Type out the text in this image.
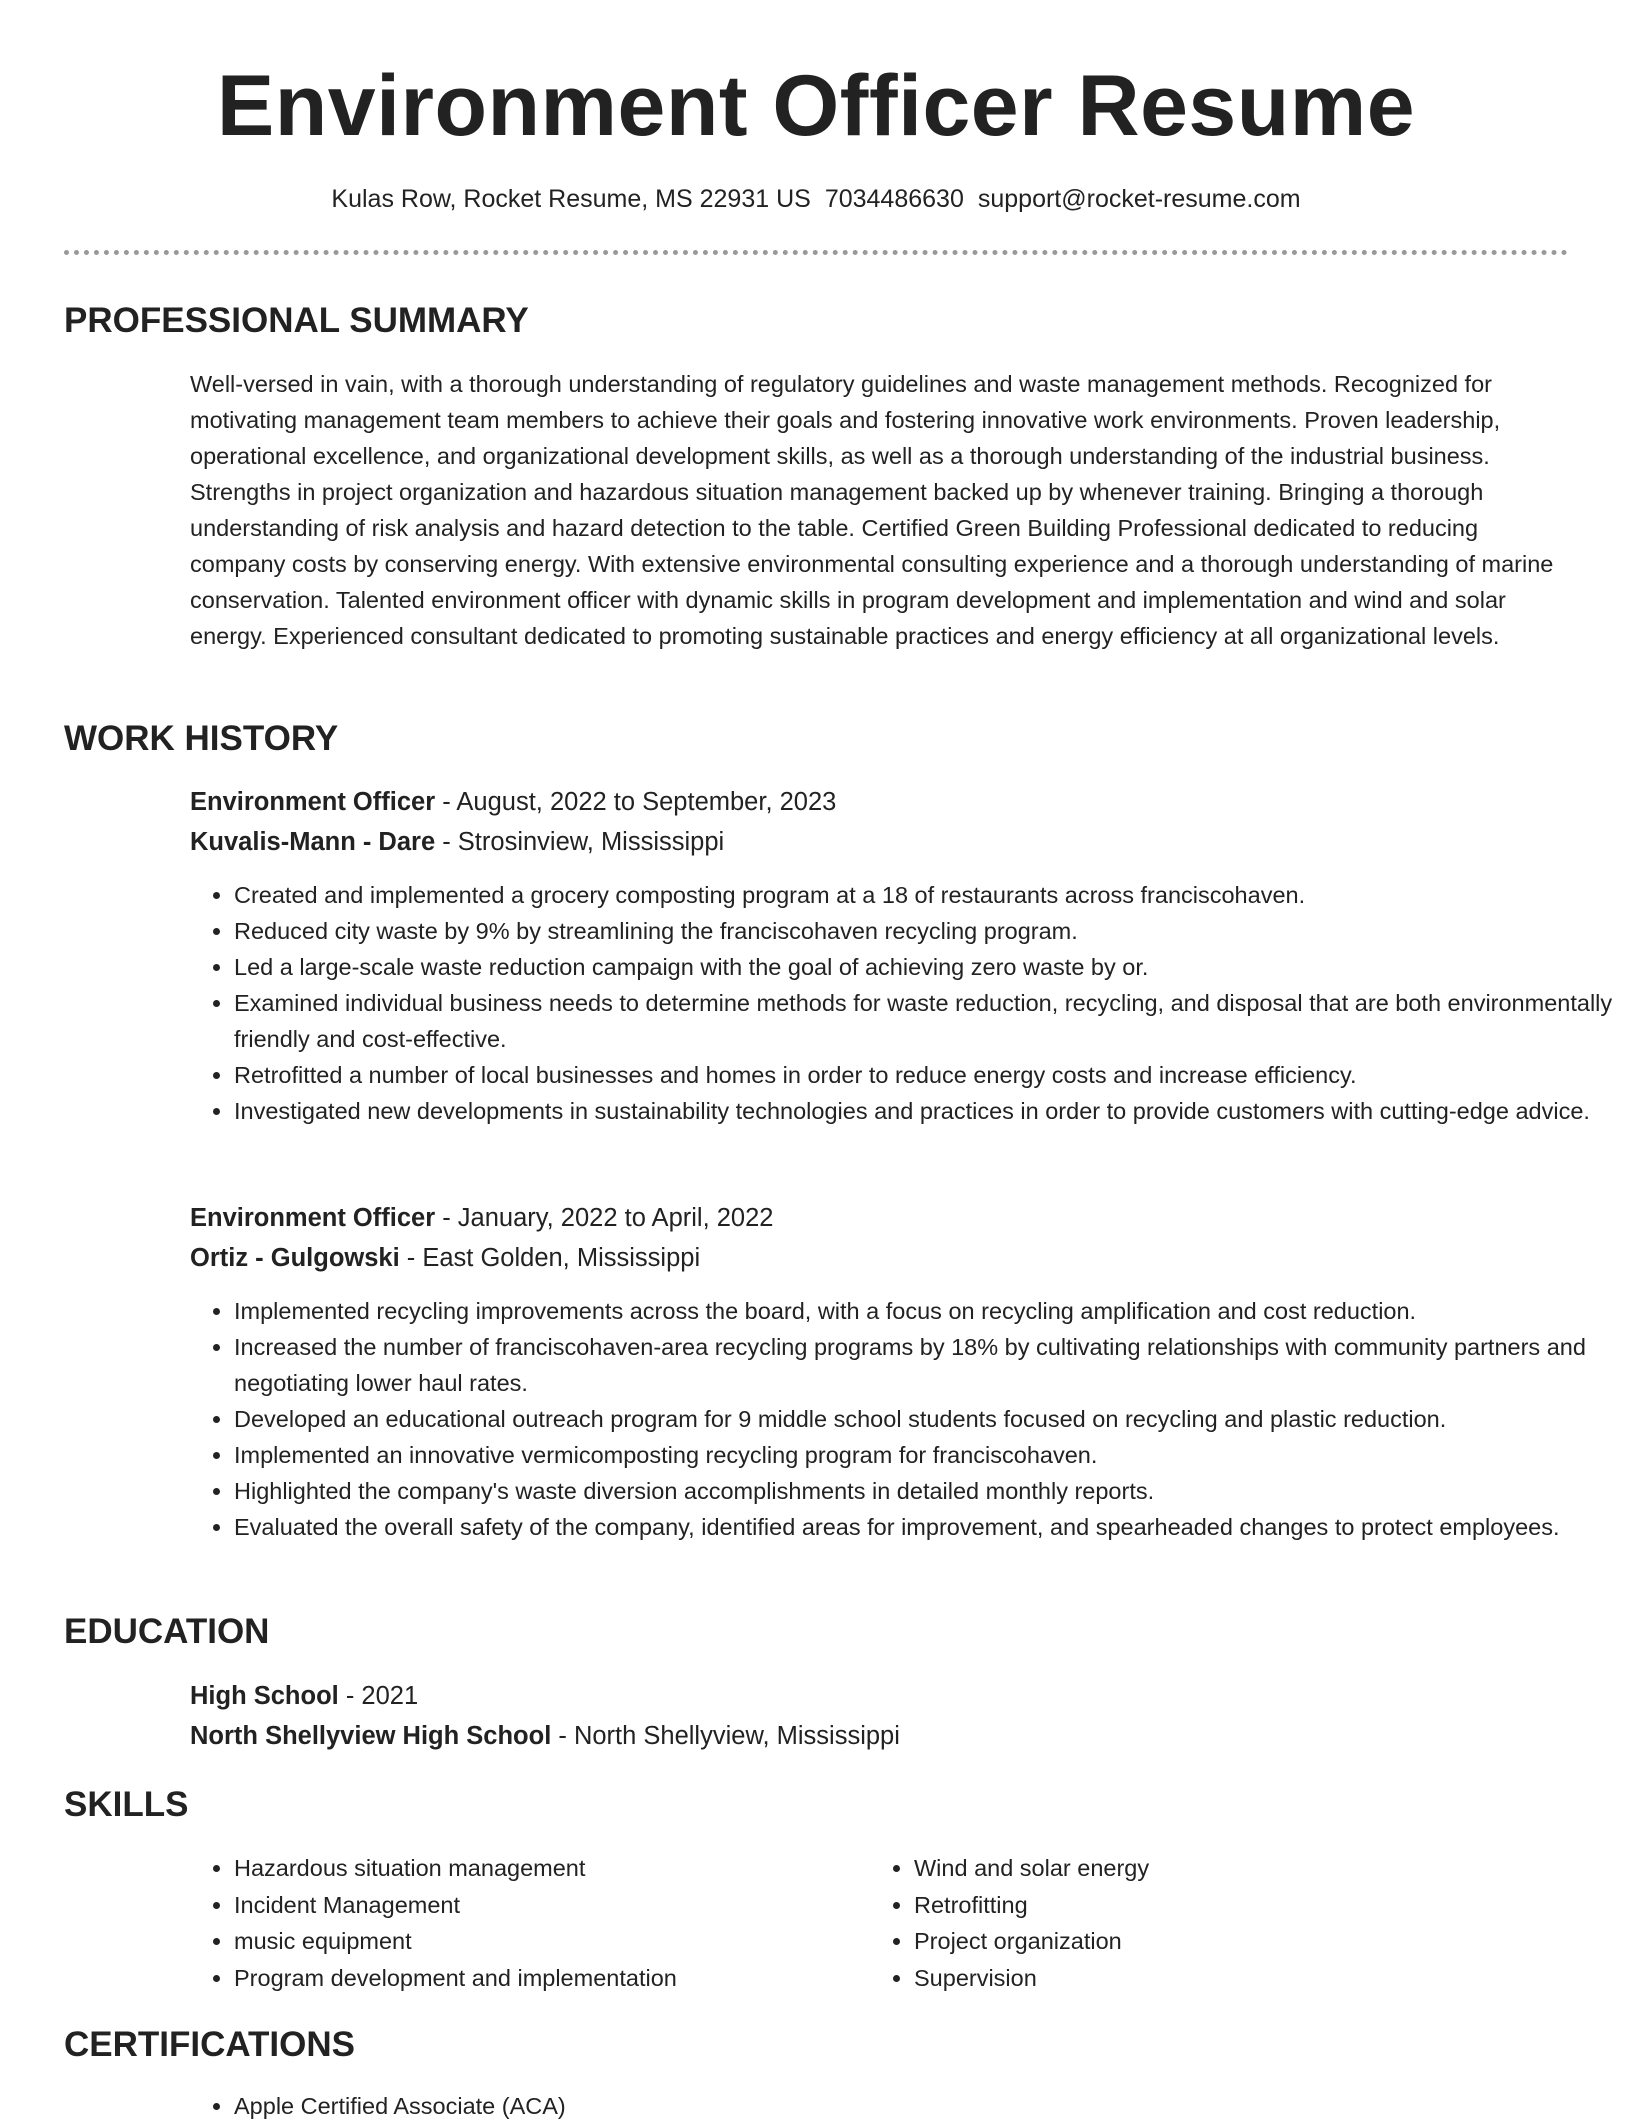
Environment Officer Resume
Kulas Row, Rocket Resume, MS 22931 US 7034486630 support@rocket-resume.com
PROFESSIONAL SUMMARY

Well-versed in vain, with a thorough understanding of regulatory guidelines and waste management methods. Recognized for motivating management team members to achieve their goals and fostering innovative work environments. Proven leadership, operational excellence, and organizational development skills, as well as a thorough understanding of the industrial business. Strengths in project organization and hazardous situation management backed up by whenever training. Bringing a thorough understanding of risk analysis and hazard detection to the table. Certified Green Building Professional dedicated to reducing company costs by conserving energy. With extensive environmental consulting experience and a thorough understanding of marine conservation. Talented environment officer with dynamic skills in program development and implementation and wind and solar energy. Experienced consultant dedicated to promoting sustainable practices and energy efficiency at all organizational levels.

WORK HISTORY
Environment Officer - August, 2022 to September, 2023
Kuvalis-Mann - Dare - Strosinview, Mississippi
• Created and implemented a grocery composting program at a 18 of restaurants across franciscohaven.
• Reduced city waste by 9% by streamlining the franciscohaven recycling program.
• Led a large-scale waste reduction campaign with the goal of achieving zero waste by or.
• Examined individual business needs to determine methods for waste reduction, recycling, and disposal that are both environmentally friendly and cost-effective.
• Retrofitted a number of local businesses and homes in order to reduce energy costs and increase efficiency.
• Investigated new developments in sustainability technologies and practices in order to provide customers with cutting-edge advice.
Environment Officer - January, 2022 to April, 2022
Ortiz - Gulgowski - East Golden, Mississippi
• Implemented recycling improvements across the board, with a focus on recycling amplification and cost reduction.
• Increased the number of franciscohaven-area recycling programs by 18% by cultivating relationships with community partners and negotiating lower haul rates.
• Developed an educational outreach program for 9 middle school students focused on recycling and plastic reduction.
• Implemented an innovative vermicomposting recycling program for franciscohaven.
• Highlighted the company's waste diversion accomplishments in detailed monthly reports.
• Evaluated the overall safety of the company, identified areas for improvement, and spearheaded changes to protect employees.
EDUCATION
High School - 2021
North Shellyview High School - North Shellyview, Mississippi
SKILLS
• Hazardous situation management
• Incident Management
• music equipment
• Program development and implementation
• Wind and solar energy
• Retrofitting
• Project organization
• Supervision
CERTIFICATIONS
• Apple Certified Associate (ACA)
